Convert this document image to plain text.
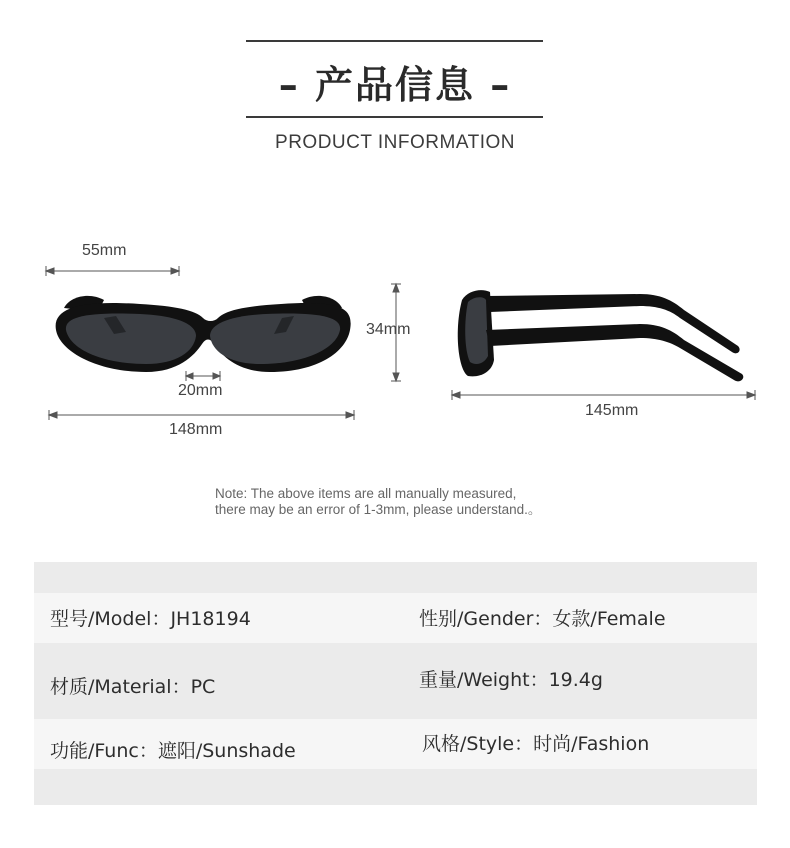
– 产品信息 –
PRODUCT INFORMATION
55mm
34mm
20mm
148mm
145mm
Note: The above items are all manually measured,
there may be an error of 1-3mm, please understand.。
型号/Model：JH18194	性别/Gender：女款/Female
材质/Material：PC	重量/Weight：19.4g
功能/Func：遮阳/Sunshade	风格/Style：时尚/Fashion
